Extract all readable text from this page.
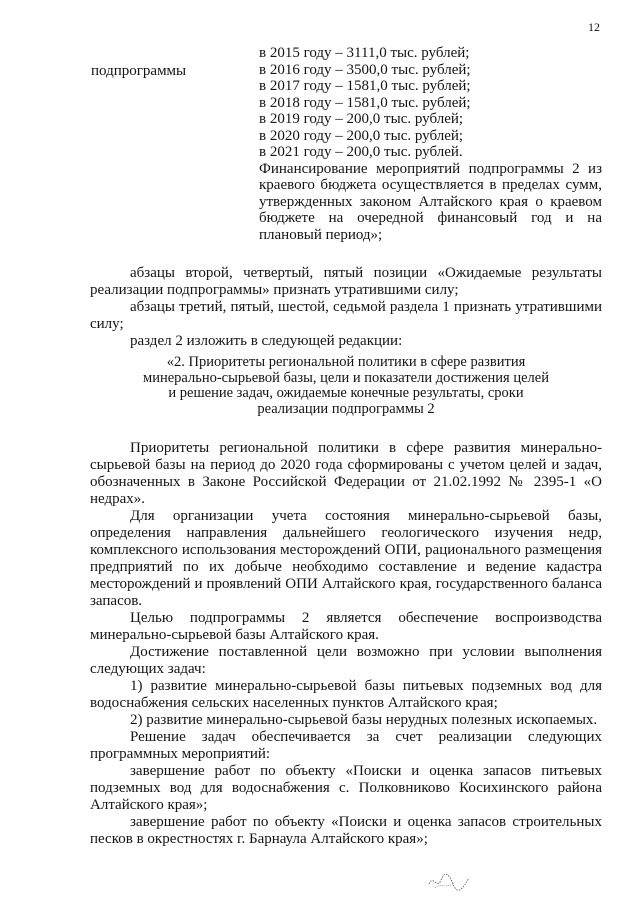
12
подпрограммы
в 2015 году – 3111,0 тыс. рублей;
в 2016 году – 3500,0 тыс. рублей;
в 2017 году – 1581,0 тыс. рублей;
в 2018 году – 1581,0 тыс. рублей;
в 2019 году – 200,0 тыс. рублей;
в 2020 году – 200,0 тыс. рублей;
в 2021 году – 200,0 тыс. рублей.
Финансирование мероприятий подпрограммы 2 из краевого бюджета осуществляется в пределах сумм, утвержденных законом Алтайского края о краевом бюджете на очередной финансовый год и на плановый период»;
абзацы второй, четвертый, пятый позиции «Ожидаемые результаты реализации подпрограммы» признать утратившими силу;
абзацы третий, пятый, шестой, седьмой раздела 1 признать утратившими силу;
раздел 2 изложить в следующей редакции:
«2. Приоритеты региональной политики в сфере развития
минерально-сырьевой базы, цели и показатели достижения целей
и решение задач, ожидаемые конечные результаты, сроки
реализации подпрограммы 2
Приоритеты региональной политики в сфере развития минерально-сырьевой базы на период до 2020 года сформированы с учетом целей и задач, обозначенных в Законе Российской Федерации от 21.02.1992 № 2395-1 «О недрах».
Для организации учета состояния минерально-сырьевой базы, определения направления дальнейшего геологического изучения недр, комплексного использования месторождений ОПИ, рационального размещения предприятий по их добыче необходимо составление и ведение кадастра месторождений и проявлений ОПИ Алтайского края, государственного баланса запасов.
Целью подпрограммы 2 является обеспечение воспроизводства минерально-сырьевой базы Алтайского края.
Достижение поставленной цели возможно при условии выполнения следующих задач:
1) развитие минерально-сырьевой базы питьевых подземных вод для водоснабжения сельских населенных пунктов Алтайского края;
2) развитие минерально-сырьевой базы нерудных полезных ископаемых.
Решение задач обеспечивается за счет реализации следующих программных мероприятий:
завершение работ по объекту «Поиски и оценка запасов питьевых подземных вод для водоснабжения с. Полковниково Косихинского района Алтайского края»;
завершение работ по объекту «Поиски и оценка запасов строительных песков в окрестностях г. Барнаула Алтайского края»;
